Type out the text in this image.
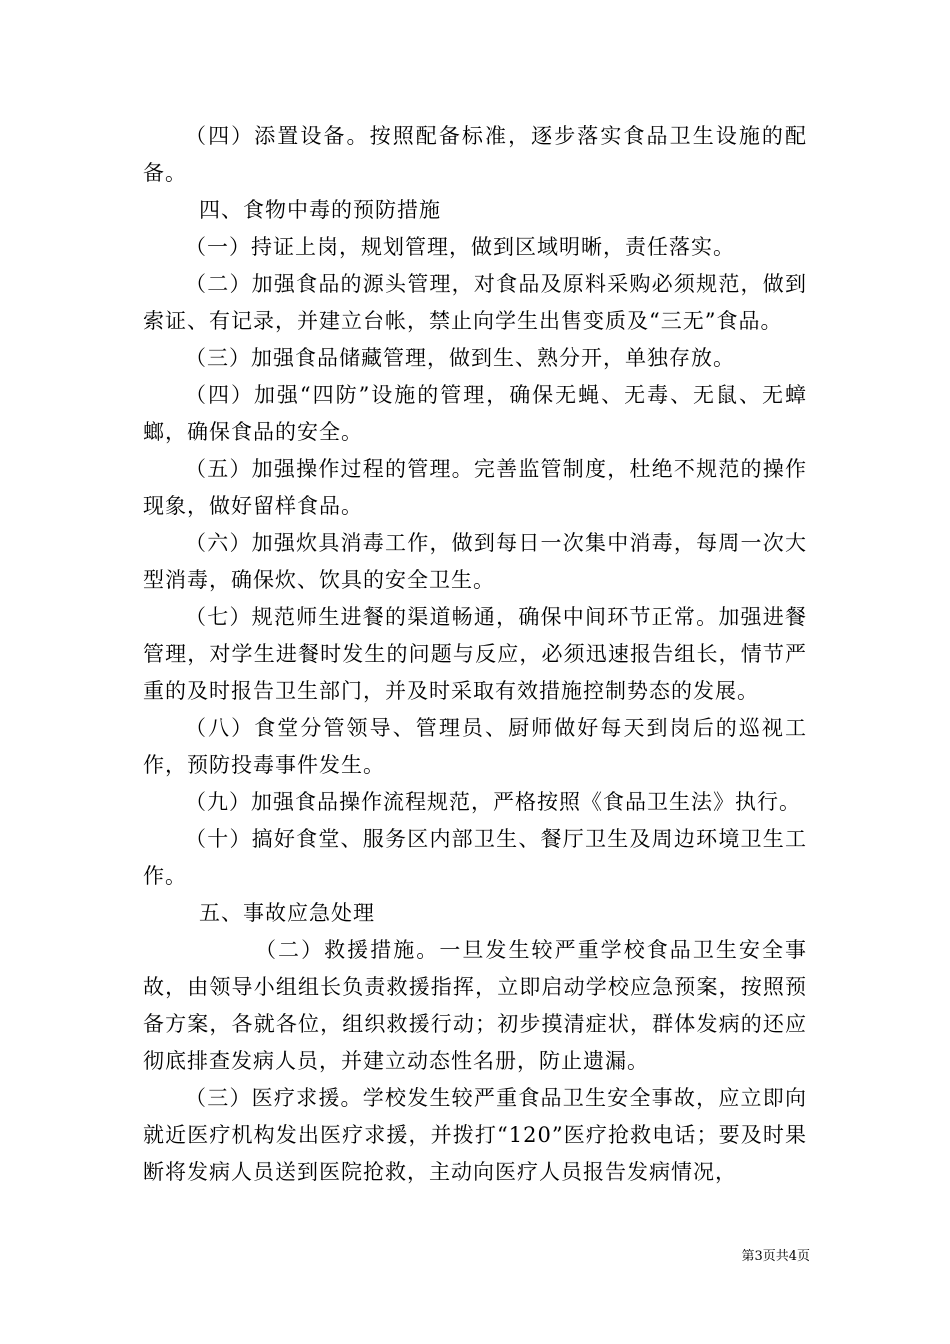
（四）添置设备。按照配备标准，逐步落实食品卫生设施的配备。

四、食物中毒的预防措施

（一）持证上岗，规划管理，做到区域明晰，责任落实。

（二）加强食品的源头管理，对食品及原料采购必须规范，做到索证、有记录，并建立台帐，禁止向学生出售变质及“三无”食品。

（三）加强食品储藏管理，做到生、熟分开，单独存放。

（四）加强“四防”设施的管理，确保无蝇、无毒、无鼠、无蟑螂，确保食品的安全。

（五）加强操作过程的管理。完善监管制度，杜绝不规范的操作现象，做好留样食品。

（六）加强炊具消毒工作，做到每日一次集中消毒，每周一次大型消毒，确保炊、饮具的安全卫生。

（七）规范师生进餐的渠道畅通，确保中间环节正常。加强进餐管理，对学生进餐时发生的问题与反应，必须迅速报告组长，情节严重的及时报告卫生部门，并及时采取有效措施控制势态的发展。

（八）食堂分管领导、管理员、厨师做好每天到岗后的巡视工作，预防投毒事件发生。

（九）加强食品操作流程规范，严格按照《食品卫生法》执行。

（十）搞好食堂、服务区内部卫生、餐厅卫生及周边环境卫生工作。

五、事故应急处理

（二）救援措施。一旦发生较严重学校食品卫生安全事故，由领导小组组长负责救援指挥，立即启动学校应急预案，按照预备方案，各就各位，组织救援行动；初步摸清症状，群体发病的还应彻底排查发病人员，并建立动态性名册，防止遗漏。

（三）医疗求援。学校发生较严重食品卫生安全事故，应立即向就近医疗机构发出医疗求援，并拨打“120”医疗抢救电话；要及时果断将发病人员送到医院抢救，主动向医疗人员报告发病情况，

第3页共4页
